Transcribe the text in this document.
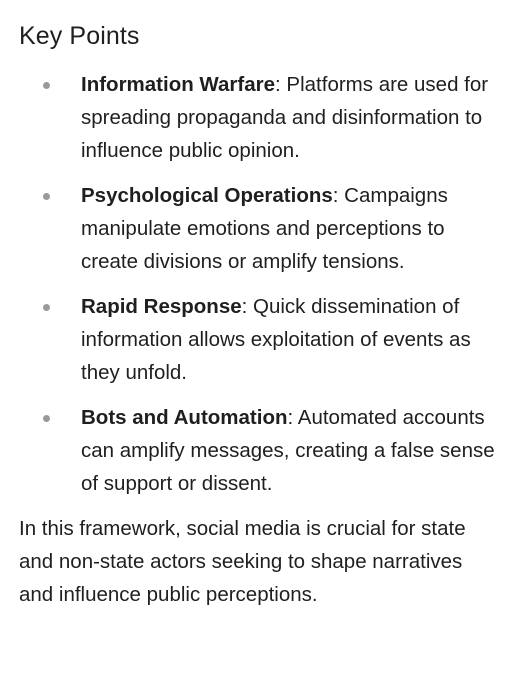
Key Points
Information Warfare: Platforms are used for spreading propaganda and disinformation to influence public opinion.
Psychological Operations: Campaigns manipulate emotions and perceptions to create divisions or amplify tensions.
Rapid Response: Quick dissemination of information allows exploitation of events as they unfold.
Bots and Automation: Automated accounts can amplify messages, creating a false sense of support or dissent.

In this framework, social media is crucial for state and non-state actors seeking to shape narratives and influence public perceptions.
